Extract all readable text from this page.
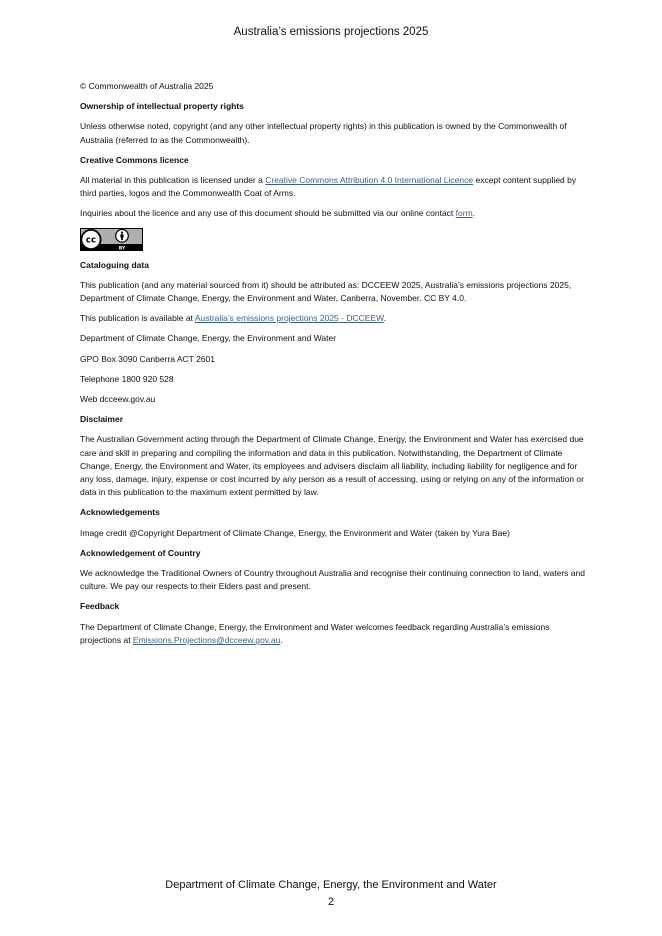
Australia’s emissions projections 2025

© Commonwealth of Australia 2025

Ownership of intellectual property rights

Unless otherwise noted, copyright (and any other intellectual property rights) in this publication is owned by the Commonwealth of Australia (referred to as the Commonwealth).

Creative Commons licence

All material in this publication is licensed under a Creative Commons Attribution 4.0 International Licence except content supplied by third parties, logos and the Commonwealth Coat of Arms.

Inquiries about the licence and any use of this document should be submitted via our online contact form.

cc
BY
Cataloguing data

This publication (and any material sourced from it) should be attributed as: DCCEEW 2025, Australia’s emissions projections 2025, Department of Climate Change, Energy, the Environment and Water, Canberra, November. CC BY 4.0.

This publication is available at Australia’s emissions projections 2025 - DCCEEW.

Department of Climate Change, Energy, the Environment and Water

GPO Box 3090 Canberra ACT 2601

Telephone 1800 920 528

Web dcceew.gov.au

Disclaimer

The Australian Government acting through the Department of Climate Change, Energy, the Environment and Water has exercised due care and skill in preparing and compiling the information and data in this publication. Notwithstanding, the Department of Climate Change, Energy, the Environment and Water, its employees and advisers disclaim all liability, including liability for negligence and for any loss, damage, injury, expense or cost incurred by any person as a result of accessing, using or relying on any of the information or data in this publication to the maximum extent permitted by law.

Acknowledgements

Image credit @Copyright Department of Climate Change, Energy, the Environment and Water (taken by Yura Bae)

Acknowledgement of Country

We acknowledge the Traditional Owners of Country throughout Australia and recognise their continuing connection to land, waters and culture. We pay our respects to their Elders past and present.

Feedback

The Department of Climate Change, Energy, the Environment and Water welcomes feedback regarding Australia’s emissions projections at Emissions.Projections@dcceew.gov.au.

Department of Climate Change, Energy, the Environment and Water
2
